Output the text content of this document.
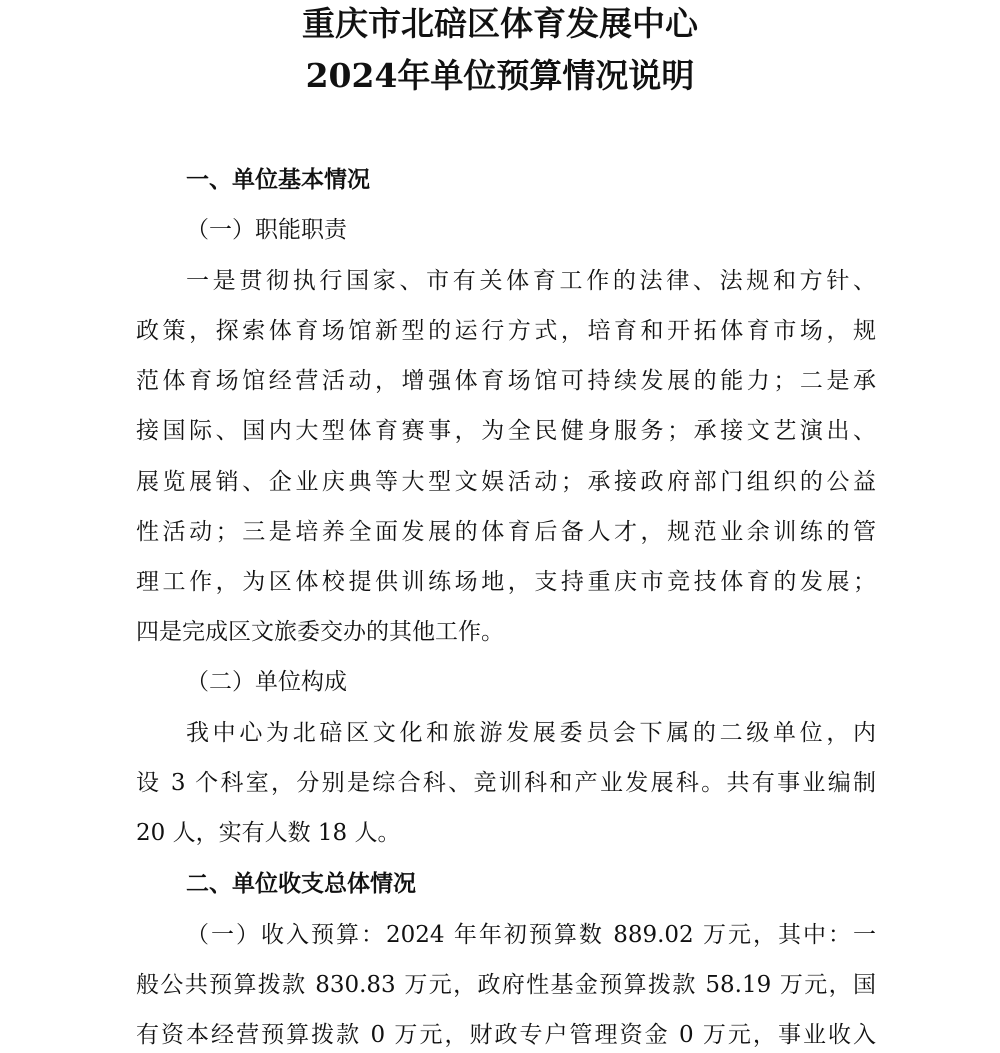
重庆市北碚区体育发展中心
2024年单位预算情况说明
一、单位基本情况
（一）职能职责
一是贯彻执行国家、市有关体育工作的法律、法规和方针、
政策，探索体育场馆新型的运行方式，培育和开拓体育市场，规
范体育场馆经营活动，增强体育场馆可持续发展的能力；二是承
接国际、国内大型体育赛事，为全民健身服务；承接文艺演出、
展览展销、企业庆典等大型文娱活动；承接政府部门组织的公益
性活动；三是培养全面发展的体育后备人才，规范业余训练的管
理工作，为区体校提供训练场地，支持重庆市竞技体育的发展；
四是完成区文旅委交办的其他工作。
（二）单位构成
我中心为北碚区文化和旅游发展委员会下属的二级单位，内
设 3 个科室，分别是综合科、竞训科和产业发展科。共有事业编制
20 人，实有人数 18 人。
二、单位收支总体情况
（一）收入预算：2024 年年初预算数 889.02 万元，其中：一
般公共预算拨款 830.83 万元，政府性基金预算拨款 58.19 万元，国
有资本经营预算拨款 0 万元，财政专户管理资金 0 万元，事业收入
